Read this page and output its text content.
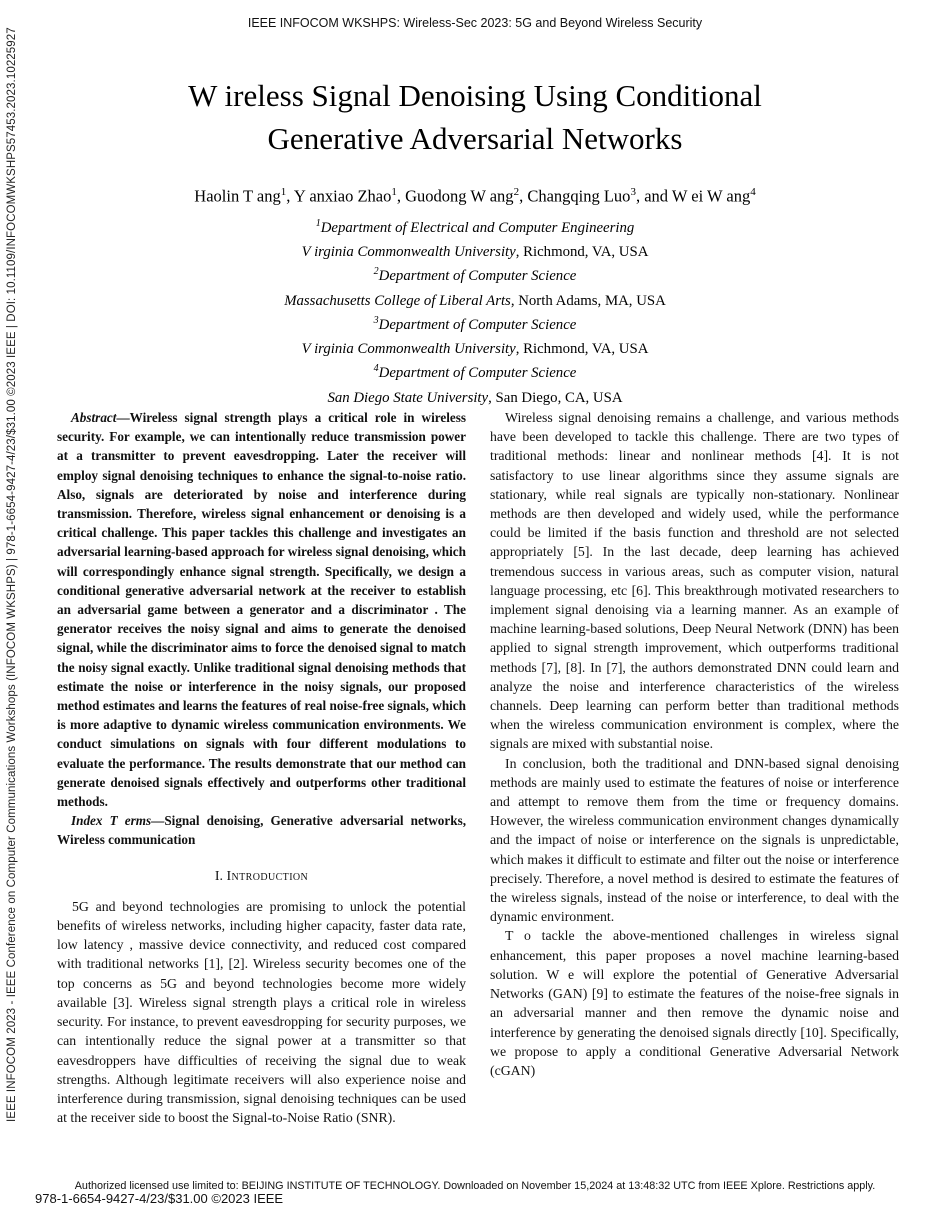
IEEE INFOCOM WKSHPS: Wireless-Sec 2023: 5G and Beyond Wireless Security
IEEE INFOCOM 2023 - IEEE Conference on Computer Communications Workshops (INFOCOM WKSHPS) | 978-1-6654-9427-4/23/$31.00 ©2023 IEEE | DOI: 10.1109/INFOCOMWKSHPS57453.2023.10225927	W ireless Signal Denoising Using Conditional
Generative Adversarial Networks
Haolin T ang$^1$, Y anxiao Zhao$^1$, Guodong W ang$^2$, Changqing Luo$^3$, and W ei W ang$^4$
$^1$Department of Electrical and Computer Engineering
V irginia Commonwealth University, Richmond, VA, USA
$^2$Department of Computer Science
Massachusetts College of Liberal Arts, North Adams, MA, USA
$^3$Department of Computer Science
V irginia Commonwealth University, Richmond, VA, USA
$^4$Department of Computer Science
San Diego State University, San Diego, CA, USA

Abstract—Wireless signal strength plays a critical role in wireless security. For example, we can intentionally reduce transmission power at a transmitter to prevent eavesdropping. Later the receiver will employ signal denoising techniques to enhance the signal-to-noise ratio. Also, signals are deteriorated by noise and interference during transmission. Therefore, wireless signal enhancement or denoising is a critical challenge. This paper tackles this challenge and investigates an adversarial learning-based approach for wireless signal denoising, which will correspondingly enhance signal strength. Specifically, we design a conditional generative adversarial network at the receiver to establish an adversarial game between a generator and a discriminator . The generator receives the noisy signal and aims to generate the denoised signal, while the discriminator aims to force the denoised signal to match the noisy signal exactly. Unlike traditional signal denoising methods that estimate the noise or interference in the noisy signals, our proposed method estimates and learns the features of real noise-free signals, which is more adaptive to dynamic wireless communication environments. We conduct simulations on signals with four different modulations to evaluate the performance. The results demonstrate that our method can generate denoised signals effectively and outperforms other traditional methods.

Index T erms—Signal denoising, Generative adversarial networks, Wireless communication

I. Introduction

5G and beyond technologies are promising to unlock the potential benefits of wireless networks, including higher capacity, faster data rate, low latency , massive device connectivity, and reduced cost compared with traditional networks [1], [2]. Wireless security becomes one of the top concerns as 5G and beyond technologies become more widely available [3]. Wireless signal strength plays a critical role in wireless security. For instance, to prevent eavesdropping for security purposes, we can intentionally reduce the signal power at a transmitter so that eavesdroppers have difficulties of receiving the signal due to weak strengths. Although legitimate receivers will also experience noise and interference during transmission, signal denoising techniques can be used at the receiver side to boost the Signal-to-Noise Ratio (SNR).

Wireless signal denoising remains a challenge, and various methods have been developed to tackle this challenge. There are two types of traditional methods: linear and nonlinear methods [4]. It is not satisfactory to use linear algorithms since they assume signals are stationary, while real signals are typically non-stationary. Nonlinear methods are then developed and widely used, while the performance could be limited if the basis function and threshold are not selected appropriately [5]. In the last decade, deep learning has achieved tremendous success in various areas, such as computer vision, natural language processing, etc [6]. This breakthrough motivated researchers to implement signal denoising via a learning manner. As an example of machine learning-based solutions, Deep Neural Network (DNN) has been applied to signal strength improvement, which outperforms traditional methods [7], [8]. In [7], the authors demonstrated DNN could learn and analyze the noise and interference characteristics of the wireless channels. Deep learning can perform better than traditional methods when the wireless communication environment is complex, where the signals are mixed with substantial noise.

In conclusion, both the traditional and DNN-based signal denoising methods are mainly used to estimate the features of noise or interference and attempt to remove them from the time or frequency domains. However, the wireless communication environment changes dynamically and the impact of noise or interference on the signals is unpredictable, which makes it difficult to estimate and filter out the noise or interference precisely. Therefore, a novel method is desired to estimate the features of the wireless signals, instead of the noise or interference, to deal with the dynamic environment.

T o tackle the above-mentioned challenges in wireless signal enhancement, this paper proposes a novel machine learning-based solution. W e will explore the potential of Generative Adversarial Networks (GAN) [9] to estimate the features of the noise-free signals in an adversarial manner and then remove the dynamic noise and interference by generating the denoised signals directly [10]. Specifically, we propose to apply a conditional Generative Adversarial Network (cGAN)

Authorized licensed use limited to: BEIJING INSTITUTE OF TECHNOLOGY. Downloaded on November 15,2024 at 13:48:32 UTC from IEEE Xplore. Restrictions apply.
978-1-6654-9427-4/23/$31.00 ©2023 IEEE
